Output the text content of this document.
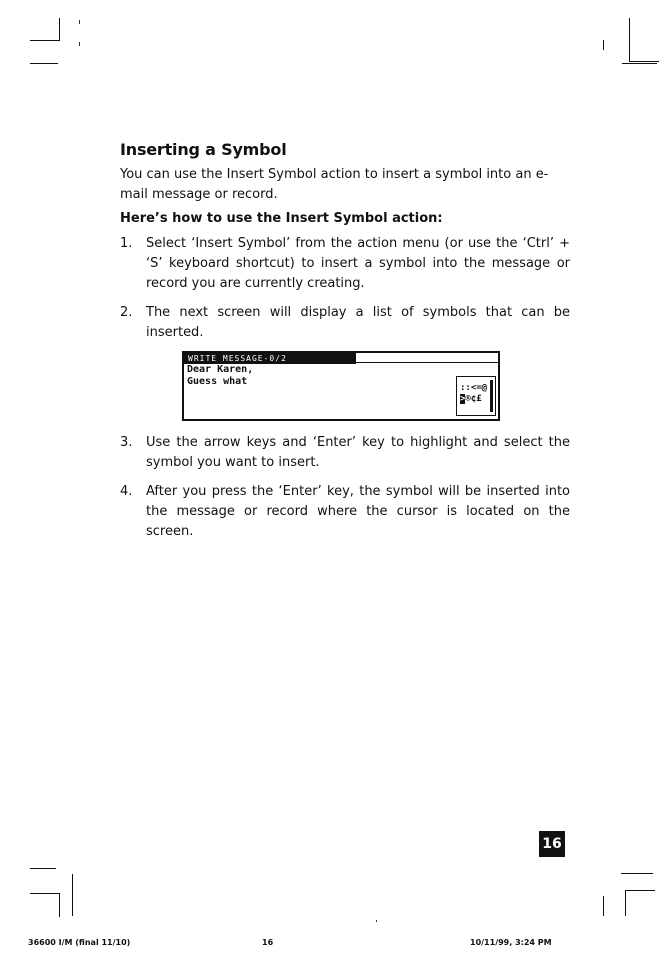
Inserting a Symbol

You can use the Insert Symbol action to insert a symbol into an e-mail message or record.

Here’s how to use the Insert Symbol action:

1. Select ‘Insert Symbol’ from the action menu (or use the ‘Ctrl’ + ‘S’ keyboard shortcut) to insert a symbol into the message or record you are currently creating.
2. The next screen will display a list of symbols that can be inserted.
WRITE MESSAGE-0/2
Dear Karen,
Guess what
::<=@
>®¢£
3. Use the arrow keys and ‘Enter’ key to highlight and select the symbol you want to insert.
4. After you press the ‘Enter’ key, the symbol will be inserted into the message or record where the cursor is located on the screen.
16
36600 I/M (final 11/10)	16	10/11/99, 3:24 PM
